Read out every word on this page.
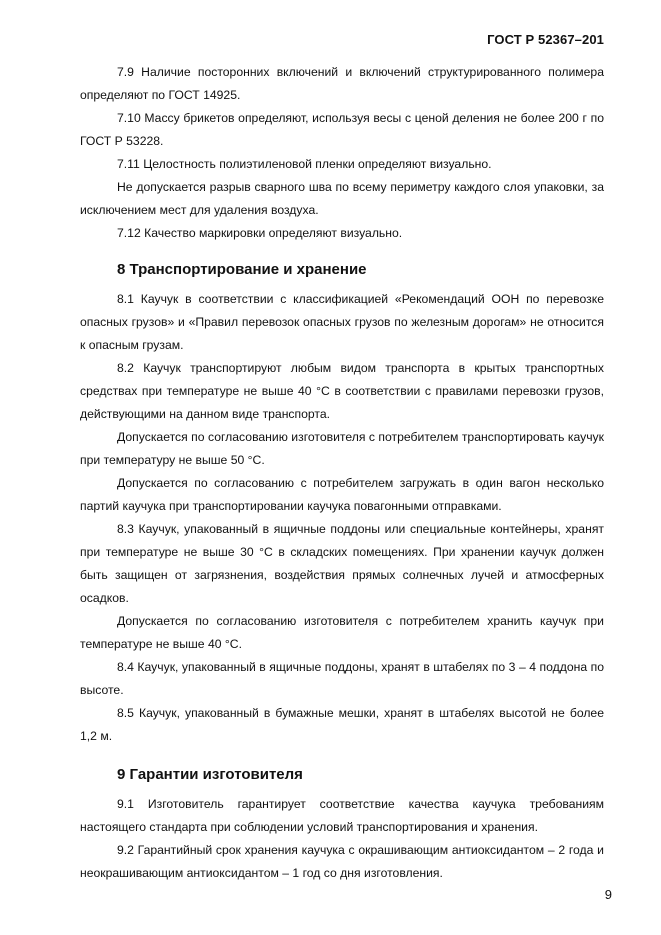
ГОСТ Р 52367–201

7.9 Наличие посторонних включений и включений структурированного полимера определяют по ГОСТ 14925.

7.10 Массу брикетов определяют, используя весы с ценой деления не более 200 г по ГОСТ Р 53228.

7.11 Целостность полиэтиленовой пленки определяют визуально.

Не допускается разрыв сварного шва по всему периметру каждого слоя упаковки, за исключением мест для удаления воздуха.

7.12 Качество маркировки определяют визуально.

8 Транспортирование и хранение

8.1 Каучук в соответствии с классификацией «Рекомендаций ООН по перевозке опасных грузов» и «Правил перевозок опасных грузов по железным дорогам» не относится к опасным грузам.

8.2 Каучук транспортируют любым видом транспорта в крытых транспортных средствах при температуре не выше 40 °С в соответствии с правилами перевозки грузов, действующими на данном виде транспорта.

Допускается по согласованию изготовителя с потребителем транспортировать каучук при температуру не выше 50 °С.

Допускается по согласованию с потребителем загружать в один вагон несколько партий каучука при транспортировании каучука повагонными отправками.

8.3 Каучук, упакованный в ящичные поддоны или специальные контейнеры, хранят при температуре не выше 30 °С в складских помещениях. При хранении каучук должен быть защищен от загрязнения, воздействия прямых солнечных лучей и атмосферных осадков.

Допускается по согласованию изготовителя с потребителем хранить каучук при температуре не выше 40 °С.

8.4 Каучук, упакованный в ящичные поддоны, хранят в штабелях по 3 – 4 поддона по высоте.

8.5 Каучук, упакованный в бумажные мешки, хранят в штабелях высотой не более 1,2 м.

9 Гарантии изготовителя

9.1 Изготовитель гарантирует соответствие качества каучука требованиям настоящего стандарта при соблюдении условий транспортирования и хранения.

9.2 Гарантийный срок хранения каучука с окрашивающим антиоксидантом – 2 года и неокрашивающим антиоксидантом – 1 год со дня изготовления.

9
